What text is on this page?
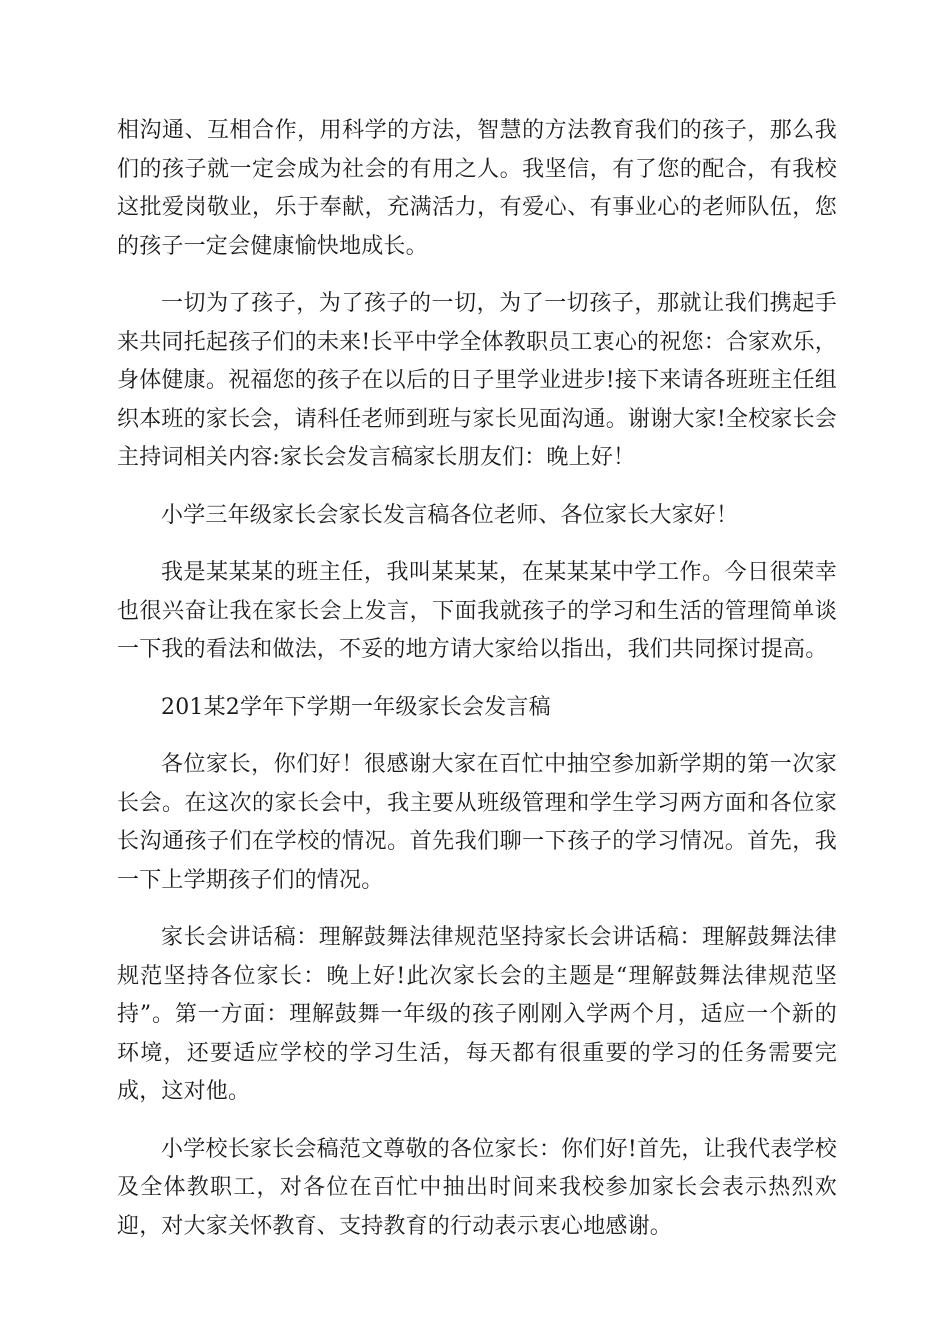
相沟通、互相合作，用科学的方法，智慧的方法教育我们的孩子，那么我们的孩子就一定会成为社会的有用之人。我坚信，有了您的配合，有我校这批爱岗敬业，乐于奉献，充满活力，有爱心、有事业心的老师队伍，您的孩子一定会健康愉快地成长。

一切为了孩子，为了孩子的一切，为了一切孩子，那就让我们携起手来共同托起孩子们的未来!长平中学全体教职员工衷心的祝您：合家欢乐，身体健康。祝福您的孩子在以后的日子里学业进步!接下来请各班班主任组织本班的家长会，请科任老师到班与家长见面沟通。谢谢大家!全校家长会主持词相关内容:家长会发言稿家长朋友们：晚上好！

小学三年级家长会家长发言稿各位老师、各位家长大家好！

我是某某某的班主任，我叫某某某，在某某某中学工作。今日很荣幸也很兴奋让我在家长会上发言，下面我就孩子的学习和生活的管理简单谈一下我的看法和做法，不妥的地方请大家给以指出，我们共同探讨提高。

201某2学年下学期一年级家长会发言稿

各位家长，你们好！很感谢大家在百忙中抽空参加新学期的第一次家长会。在这次的家长会中，我主要从班级管理和学生学习两方面和各位家长沟通孩子们在学校的情况。首先我们聊一下孩子的学习情况。首先，我一下上学期孩子们的情况。

家长会讲话稿：理解鼓舞法律规范坚持家长会讲话稿：理解鼓舞法律规范坚持各位家长：晚上好!此次家长会的主题是“理解鼓舞法律规范坚持”。第一方面：理解鼓舞一年级的孩子刚刚入学两个月，适应一个新的环境，还要适应学校的学习生活，每天都有很重要的学习的任务需要完成，这对他。

小学校长家长会稿范文尊敬的各位家长：你们好!首先，让我代表学校及全体教职工，对各位在百忙中抽出时间来我校参加家长会表示热烈欢迎，对大家关怀教育、支持教育的行动表示衷心地感谢。
